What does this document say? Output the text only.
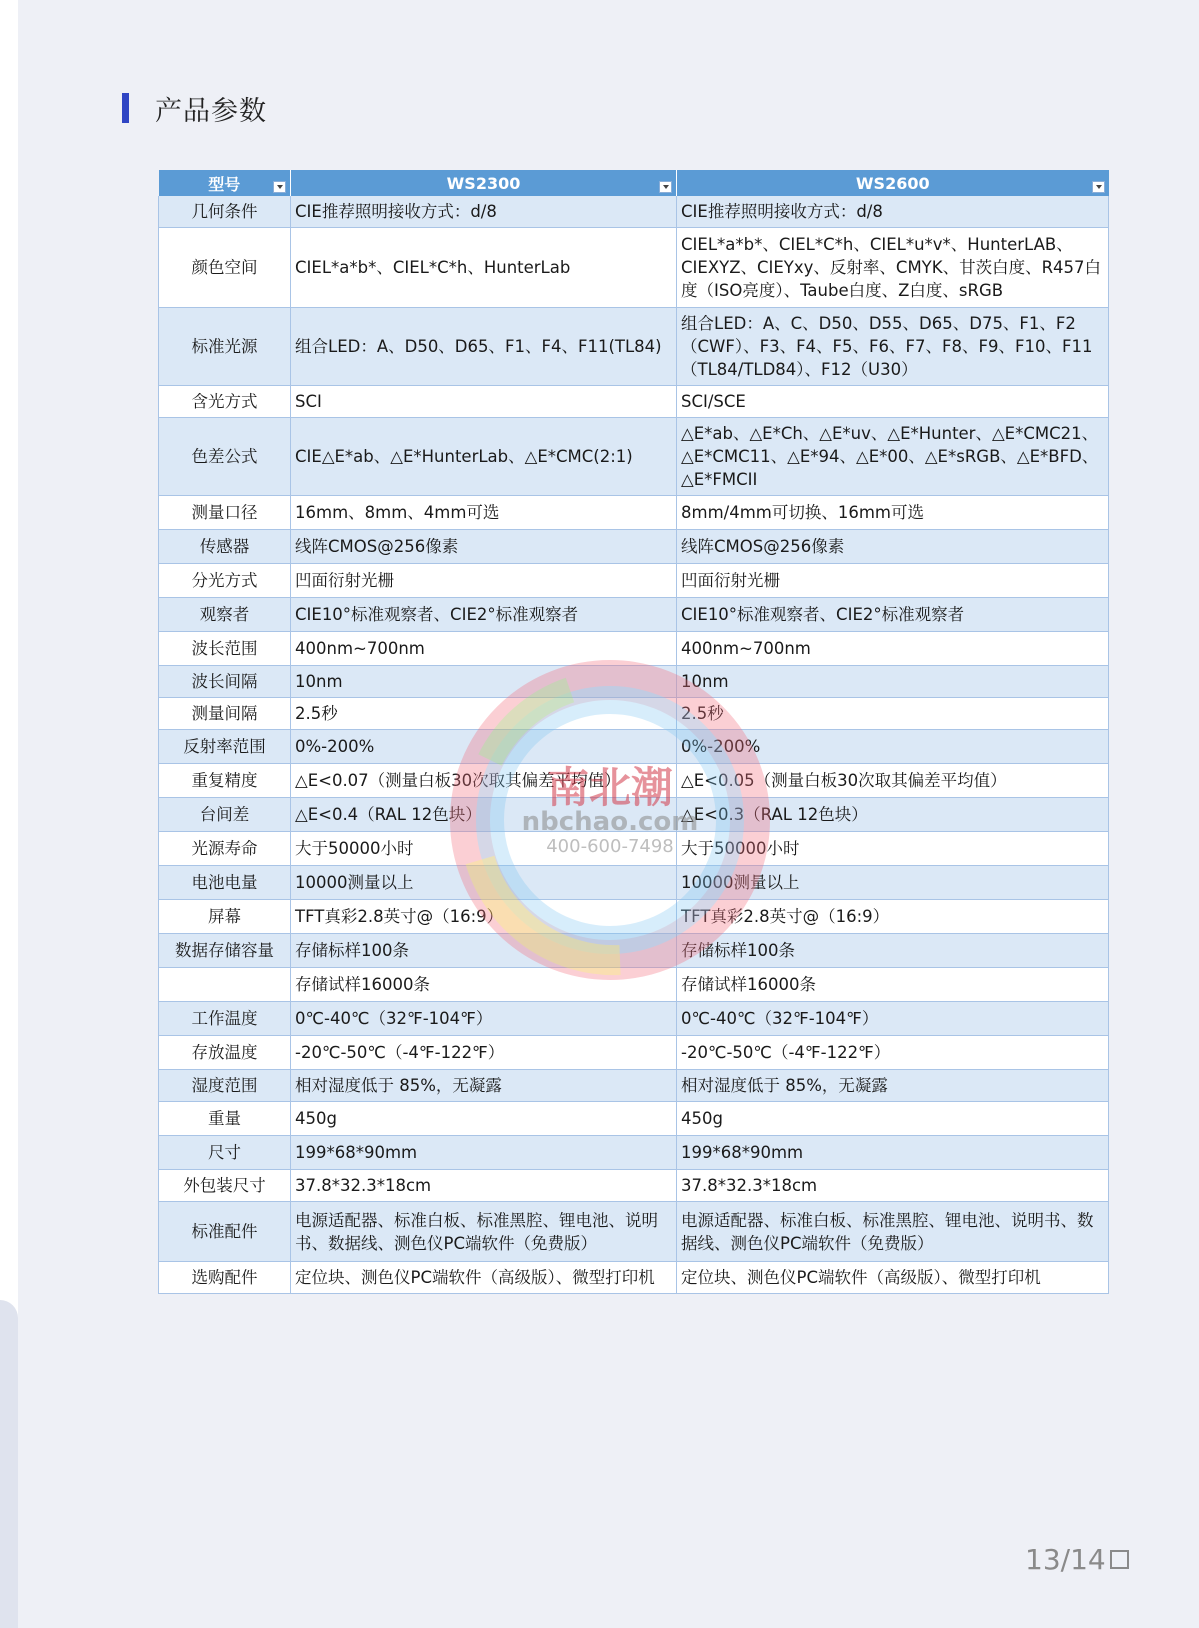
产品参数
型号	WS2300	WS2600

几何条件	CIE推荐照明接收方式：d/8	CIE推荐照明接收方式：d/8
颜色空间	CIEL*a*b*、CIEL*C*h、HunterLab	CIEL*a*b*、CIEL*C*h、CIEL*u*v*、HunterLAB、CIEXYZ、CIEYxy、反射率、CMYK、甘茨白度、R457白度（ISO亮度）、Taube白度、Z白度、sRGB
标准光源	组合LED：A、D50、D65、F1、F4、F11(TL84)	组合LED：A、C、D50、D55、D65、D75、F1、F2（CWF）、F3、F4、F5、F6、F7、F8、F9、F10、F11（TL84/TLD84）、F12（U30）
含光方式	SCI	SCI/SCE
色差公式	CIE△E*ab、△E*HunterLab、△E*CMC(2:1)	△E*ab、△E*Ch、△E*uv、△E*Hunter、△E*CMC21、△E*CMC11、△E*94、△E*00、△E*sRGB、△E*BFD、△E*FMCII
测量口径	16mm、8mm、4mm可选	8mm/4mm可切换、16mm可选
传感器	线阵CMOS@256像素	线阵CMOS@256像素
分光方式	凹面衍射光栅	凹面衍射光栅
观察者	CIE10°标准观察者、CIE2°标准观察者	CIE10°标准观察者、CIE2°标准观察者
波长范围	400nm~700nm	400nm~700nm
波长间隔	10nm	10nm
测量间隔	2.5秒	2.5秒
反射率范围	0%-200%	0%-200%
重复精度	△E<0.07（测量白板30次取其偏差平均值）	△E<0.05（测量白板30次取其偏差平均值）
台间差	△E<0.4（RAL 12色块）	△E<0.3（RAL 12色块）
光源寿命	大于50000小时	大于50000小时
电池电量	10000测量以上	10000测量以上
屏幕	TFT真彩2.8英寸@（16:9）	TFT真彩2.8英寸@（16:9）
数据存储容量	存储标样100条	存储标样100条
	存储试样16000条	存储试样16000条
工作温度	0℃-40℃（32℉-104℉）	0℃-40℃（32℉-104℉）
存放温度	-20℃-50℃（-4℉-122℉）	-20℃-50℃（-4℉-122℉）
湿度范围	相对湿度低于 85%，无凝露	相对湿度低于 85%，无凝露
重量	450g	450g
尺寸	199*68*90mm	199*68*90mm
外包装尺寸	37.8*32.3*18cm	37.8*32.3*18cm
标准配件	电源适配器、标准白板、标准黑腔、锂电池、说明书、数据线、测色仪PC端软件（免费版）	电源适配器、标准白板、标准黑腔、锂电池、说明书、数据线、测色仪PC端软件（免费版）
选购配件	定位块、测色仪PC端软件（高级版）、微型打印机	定位块、测色仪PC端软件（高级版）、微型打印机
南北潮
nbchao.com
400-600-7498
13/14
